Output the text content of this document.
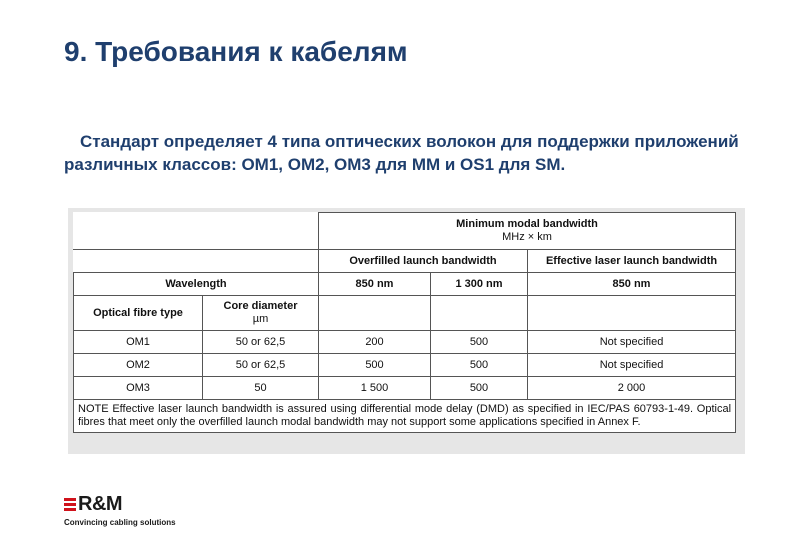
9. Требования к кабелям

Стандарт определяет 4 типа оптических волокон для поддержки приложений различных классов: OM1, OM2, OM3 для MM и OS1 для SM.

		Minimum modal bandwidth
MHz × km		

		Overfilled launch bandwidth		Effective laser launch bandwidth
Wavelength		850 nm	1 300 nm	850 nm
Optical fibre type	Core diameter
µm			

OM1	50 or 62,5	200	500	Not specified
OM2	50 or 62,5	500	500	Not specified
OM3	50	1 500	500	2 000
NOTE Effective laser launch bandwidth is assured using differential mode delay (DMD) as specified in IEC/PAS 60793-1-49. Optical fibres that meet only the overfilled launch modal bandwidth may not support some applications specified in Annex F.				
R&M
Convincing cabling solutions
